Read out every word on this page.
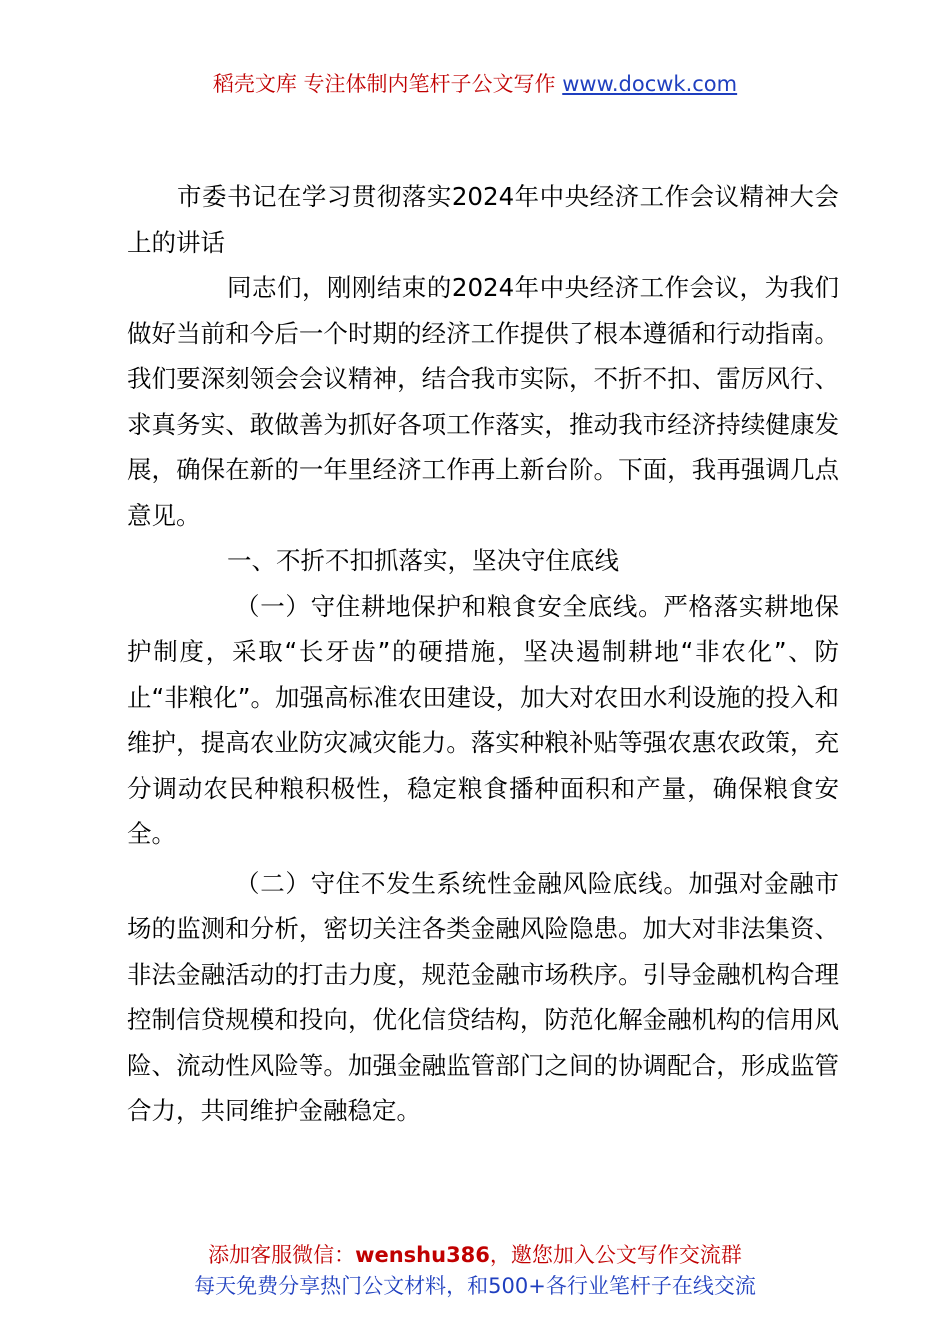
稻壳文库 专注体制内笔杆子公文写作 www.docwk.com

市委书记在学习贯彻落实2024年中央经济工作会议精神大会上的讲话

同志们，刚刚结束的2024年中央经济工作会议，为我们做好当前和今后一个时期的经济工作提供了根本遵循和行动指南。我们要深刻领会会议精神，结合我市实际，不折不扣、雷厉风行、求真务实、敢做善为抓好各项工作落实，推动我市经济持续健康发展，确保在新的一年里经济工作再上新台阶。下面，我再强调几点意见。

一、不折不扣抓落实，坚决守住底线

（一）守住耕地保护和粮食安全底线。严格落实耕地保护制度，采取“长牙齿”的硬措施，坚决遏制耕地“非农化”、防止“非粮化”。加强高标准农田建设，加大对农田水利设施的投入和维护，提高农业防灾减灾能力。落实种粮补贴等强农惠农政策，充分调动农民种粮积极性，稳定粮食播种面积和产量，确保粮食安全。

（二）守住不发生系统性金融风险底线。加强对金融市场的监测和分析，密切关注各类金融风险隐患。加大对非法集资、非法金融活动的打击力度，规范金融市场秩序。引导金融机构合理控制信贷规模和投向，优化信贷结构，防范化解金融机构的信用风险、流动性风险等。加强金融监管部门之间的协调配合，形成监管合力，共同维护金融稳定。

添加客服微信：wenshu386，邀您加入公文写作交流群
每天免费分享热门公文材料，和500+各行业笔杆子在线交流
